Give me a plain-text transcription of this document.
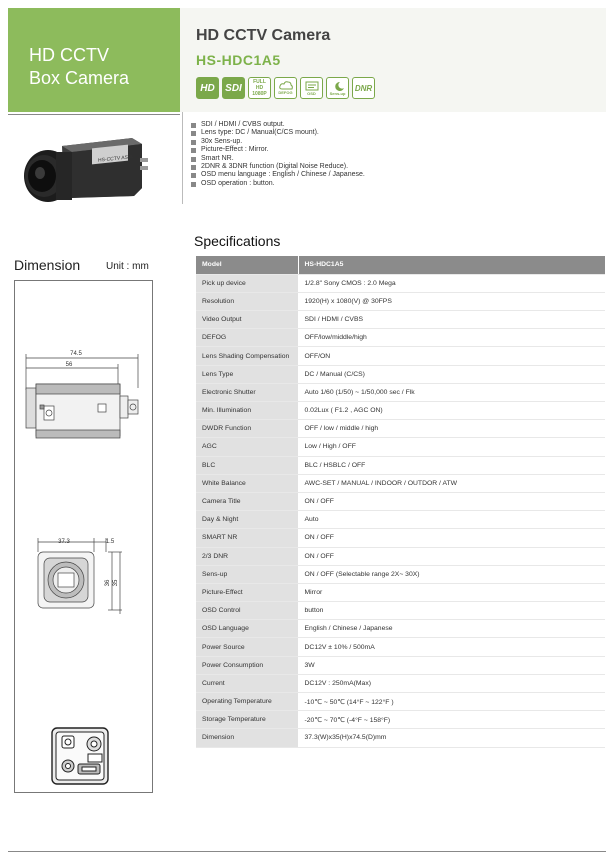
HD CCTV
Box Camera
HD CCTV Camera
HS-HDC1A5
HD	SDI
FULL HD 1080P	DEFOG	OSD	Sens-up
DNR
HS-CCTV ASIA
SDI / HDMI / CVBS output.
Lens type: DC / Manual(C/CS mount).
30x Sens-up.
Picture-Effect : Mirror.
Smart NR.
2DNR & 3DNR function (Digital Noise Reduce).
OSD menu language : English / Chinese / Japanese.
OSD operation : button.
Dimension	Unit : mm
74.5
56
37.3	1.5
36 35
Specifications
Model	HS-HDC1A5
Pick up device	1/2.8" Sony CMOS : 2.0 Mega
Resolution	1920(H) x 1080(V) @ 30FPS
Video Output	SDI / HDMI / CVBS
DEFOG	OFF/low/middle/high
Lens Shading Compensation	OFF/ON
Lens Type	DC / Manual (C/CS)
Electronic Shutter	Auto 1/60 (1/50) ~ 1/50,000 sec / Flk
Min. Illumination	0.02Lux ( F1.2 , AGC ON)
DWDR Function	OFF / low / middle / high
AGC	Low / High / OFF
BLC	BLC / HSBLC / OFF
White Balance	AWC-SET / MANUAL / INDOOR / OUTDOR / ATW
Camera Title	ON / OFF
Day & Night	Auto
SMART NR	ON / OFF
2/3 DNR	ON / OFF
Sens-up	ON / OFF (Selectable range 2X~ 30X)
Picture-Effect	Mirror
OSD Control	button
OSD Language	English / Chinese / Japanese
Power Source	DC12V ± 10% / 500mA
Power Consumption	3W
Current	DC12V : 250mA(Max)
Operating Temperature	-10℃ ~ 50℃ (14°F ~ 122°F )
Storage Temperature	-20℃ ~ 70℃ (-4°F ~ 158°F)
Dimension	37.3(W)x35(H)x74.5(D)mm
